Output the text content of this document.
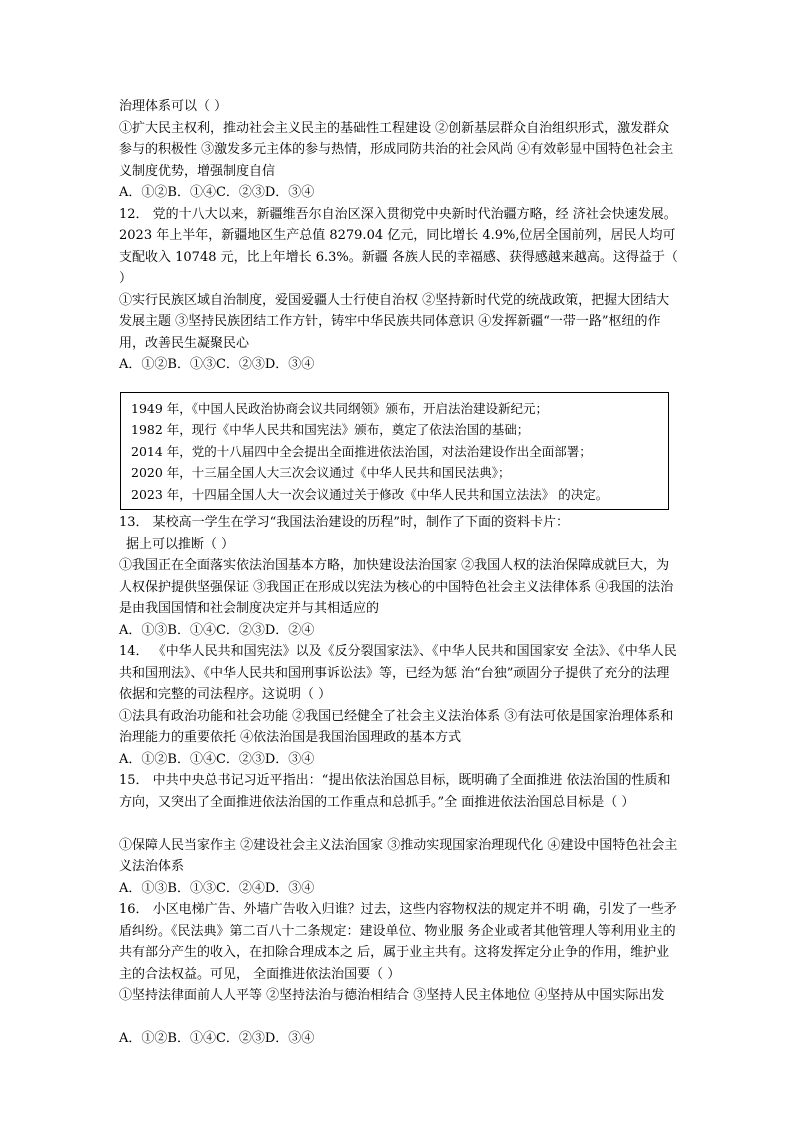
治理体系可以（ ）
①扩大民主权利，推动社会主义民主的基础性工程建设 ②创新基层群众自治组织形式，激发群众参与的积极性 ③激发多元主体的参与热情，形成同防共治的社会风尚 ④有效彰显中国特色社会主义制度优势，增强制度自信
A．①②B．①④C．②③D．③④
12． 党的十八大以来，新疆维吾尔自治区深入贯彻党中央新时代治疆方略，经 济社会快速发展。2023 年上半年，新疆地区生产总值 8279.04 亿元，同比增长 4.9%,位居全国前列，居民人均可支配收入 10748 元，比上年增长 6.3%。新疆 各族人民的幸福感、获得感越来越高。这得益于（ ）
①实行民族区域自治制度，爱国爱疆人士行使自治权 ②坚持新时代党的统战政策，把握大团结大发展主题 ③坚持民族团结工作方针，铸牢中华民族共同体意识 ④发挥新疆“一带一路”枢纽的作用，改善民生凝聚民心
A．①②B．①③C．②③D．③④
1949 年，《中国人民政治协商会议共同纲领》颁布，开启法治建设新纪元；
1982 年，现行《中华人民共和国宪法》颁布，奠定了依法治国的基础；
2014 年，党的十八届四中全会提出全面推进依法治国，对法治建设作出全面部署；
2020 年，十三届全国人大三次会议通过《中华人民共和国民法典》；
2023 年，十四届全国人大一次会议通过关于修改《中华人民共和国立法法》 的决定。
13． 某校高一学生在学习“我国法治建设的历程”时，制作了下面的资料卡片：
据上可以推断（ ）
①我国正在全面落实依法治国基本方略，加快建设法治国家 ②我国人权的法治保障成就巨大，为人权保护提供坚强保证 ③我国正在形成以宪法为核心的中国特色社会主义法律体系 ④我国的法治是由我国国情和社会制度决定并与其相适应的
A．①③B．①④C．②③D．②④
14． 《中华人民共和国宪法》以及《反分裂国家法》、《中华人民共和国国家安 全法》、《中华人民共和国刑法》、《中华人民共和国刑事诉讼法》等，已经为惩 治“台独”顽固分子提供了充分的法理依据和完整的司法程序。这说明（ ）
①法具有政治功能和社会功能 ②我国已经健全了社会主义法治体系 ③有法可依是国家治理体系和治理能力的重要依托 ④依法治国是我国治国理政的基本方式
A．①②B．①④C．②③D．③④
15． 中共中央总书记习近平指出：“提出依法治国总目标，既明确了全面推进 依法治国的性质和方向，又突出了全面推进依法治国的工作重点和总抓手。”全 面推进依法治国总目标是（ ）
①保障人民当家作主 ②建设社会主义法治国家 ③推动实现国家治理现代化 ④建设中国特色社会主义法治体系
A．①③B．①③C．②④D．③④
16． 小区电梯广告、外墙广告收入归谁？过去，这些内容物权法的规定并不明 确，引发了一些矛盾纠纷。《民法典》第二百八十二条规定：建设单位、物业服 务企业或者其他管理人等利用业主的共有部分产生的收入，在扣除合理成本之 后，属于业主共有。这将发挥定分止争的作用，维护业主的合法权益。可见， 全面推进依法治国要（ ）
①坚持法律面前人人平等 ②坚持法治与德治相结合 ③坚持人民主体地位 ④坚持从中国实际出发
A．①②B．①④C．②③D．③④
